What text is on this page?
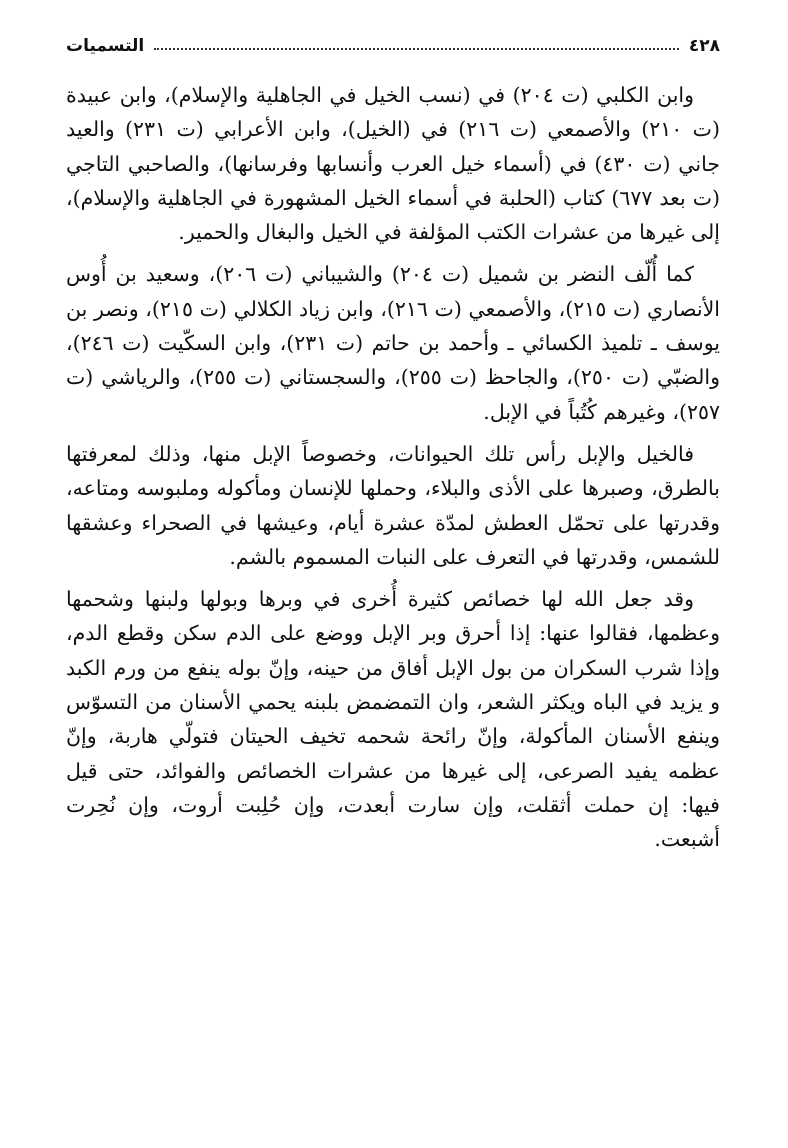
٤٢٨
التسميات

وابن الكلبي (ت ٢٠٤) في (نسب الخيل في الجاهلية والإسلام)، وابن عبيدة (ت ٢١٠) والأصمعي (ت ٢١٦) في (الخيل)، وابن الأعرابي (ت ٢٣١) والعيد جاني (ت ٤٣٠) في (أسماء خيل العرب وأنسابها وفرسانها)، والصاحبي التاجي (ت بعد ٦٧٧) كتاب (الحلبة في أسماء الخيل المشهورة في الجاهلية والإسلام)، إلى غيرها من عشرات الكتب المؤلفة في الخيل والبغال والحمير.

كما أُلّف النضر بن شميل (ت ٢٠٤) والشيباني (ت ٢٠٦)، وسعيد بن أُوس الأنصاري (ت ٢١٥)، والأصمعي (ت ٢١٦)، وابن زياد الكلالي (ت ٢١٥)، ونصر بن يوسف ـ تلميذ الكسائي ـ وأحمد بن حاتم (ت ٢٣١)، وابن السكّيت (ت ٢٤٦)، والضبّي (ت ٢٥٠)، والجاحظ (ت ٢٥٥)، والسجستاني (ت ٢٥٥)، والرياشي (ت ٢٥٧)، وغيرهم كُتُباً في الإبل.

فالخيل والإبل رأس تلك الحيوانات، وخصوصاً الإبل منها، وذلك لمعرفتها بالطرق، وصبرها على الأذى والبلاء، وحملها للإنسان ومأكوله وملبوسه ومتاعه، وقدرتها على تحمّل العطش لمدّة عشرة أيام، وعيشها في الصحراء وعشقها للشمس، وقدرتها في التعرف على النبات المسموم بالشم.

وقد جعل الله لها خصائص كثيرة أُخرى في وبرها وبولها ولبنها وشحمها وعظمها، فقالوا عنها: إذا أحرق وبر الإبل ووضع على الدم سكن وقطع الدم، وإذا شرب السكران من بول الإبل أفاق من حينه، وإنّ بوله ينفع من ورم الكبد و يزيد في الباه ويكثر الشعر، وان التمضمض بلبنه يحمي الأسنان من التسوّس وينفع الأسنان المأكولة، وإنّ رائحة شحمه تخيف الحيتان فتولّي هاربة، وإنّ عظمه يفيد الصرعى، إلى غيرها من عشرات الخصائص والفوائد، حتى قيل فيها: إن حملت أثقلت، وإن سارت أبعدت، وإن حُلِبت أروت، وإن نُحِرت أشبعت.
